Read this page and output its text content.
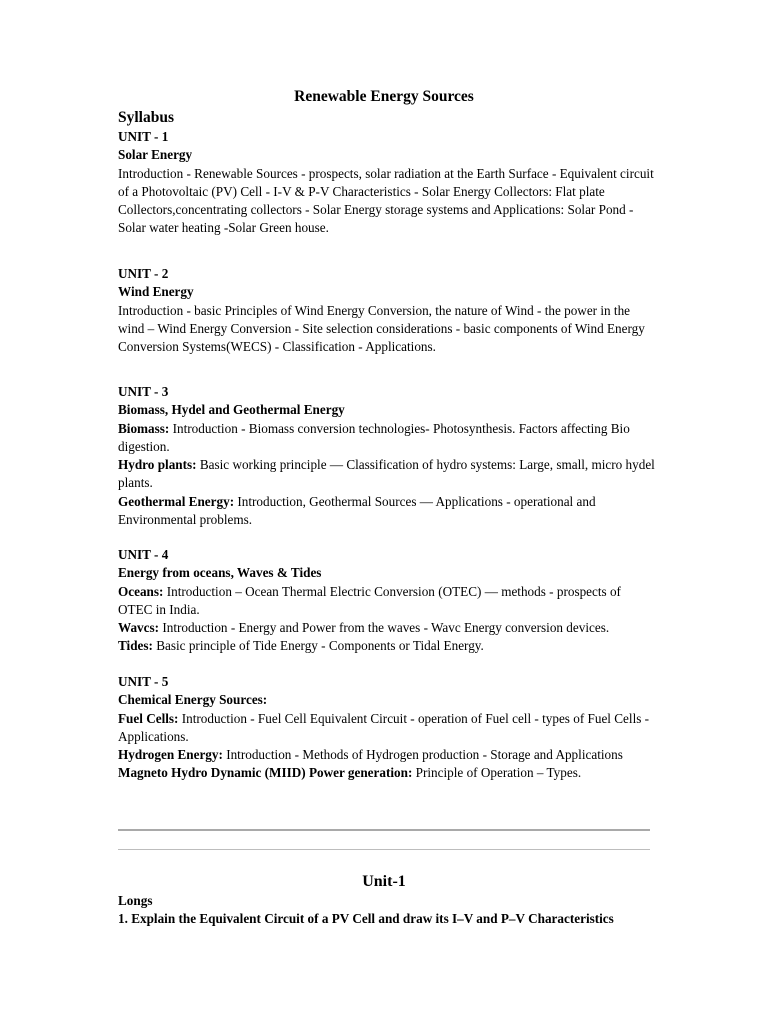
Renewable Energy Sources
Syllabus
UNIT - 1
Solar Energy

Introduction - Renewable Sources - prospects, solar radiation at the Earth Surface - Equivalent circuit of a Photovoltaic (PV) Cell - I-V & P-V Characteristics - Solar Energy Collectors: Flat plate Collectors,concentrating collectors - Solar Energy storage systems and Applications: Solar Pond - Solar water heating -Solar Green house.

UNIT - 2
Wind Energy

Introduction - basic Principles of Wind Energy Conversion, the nature of Wind - the power in the wind – Wind Energy Conversion - Site selection considerations - basic components of Wind Energy Conversion Systems(WECS) - Classification - Applications.

UNIT - 3
Biomass, Hydel and Geothermal Energy

Biomass: Introduction - Biomass conversion technologies- Photosynthesis. Factors affecting Bio digestion.

Hydro plants: Basic working principle — Classification of hydro systems: Large, small, micro hydel plants.

Geothermal Energy: Introduction, Geothermal Sources — Applications - operational and Environmental problems.

UNIT - 4
Energy from oceans, Waves & Tides

Oceans: Introduction – Ocean Thermal Electric Conversion (OTEC) — methods - prospects of OTEC in India.

Wavcs: Introduction - Energy and Power from the waves - Wavc Energy conversion devices.

Tides: Basic principle of Tide Energy - Components or Tidal Energy.

UNIT - 5
Chemical Energy Sources:

Fuel Cells: Introduction - Fuel Cell Equivalent Circuit - operation of Fuel cell - types of Fuel Cells - Applications.

Hydrogen Energy: Introduction - Methods of Hydrogen production - Storage and Applications

Magneto Hydro Dynamic (MIID) Power generation: Principle of Operation – Types.

Unit-1
Longs
1. Explain the Equivalent Circuit of a PV Cell and draw its I–V and P–V Characteristics
